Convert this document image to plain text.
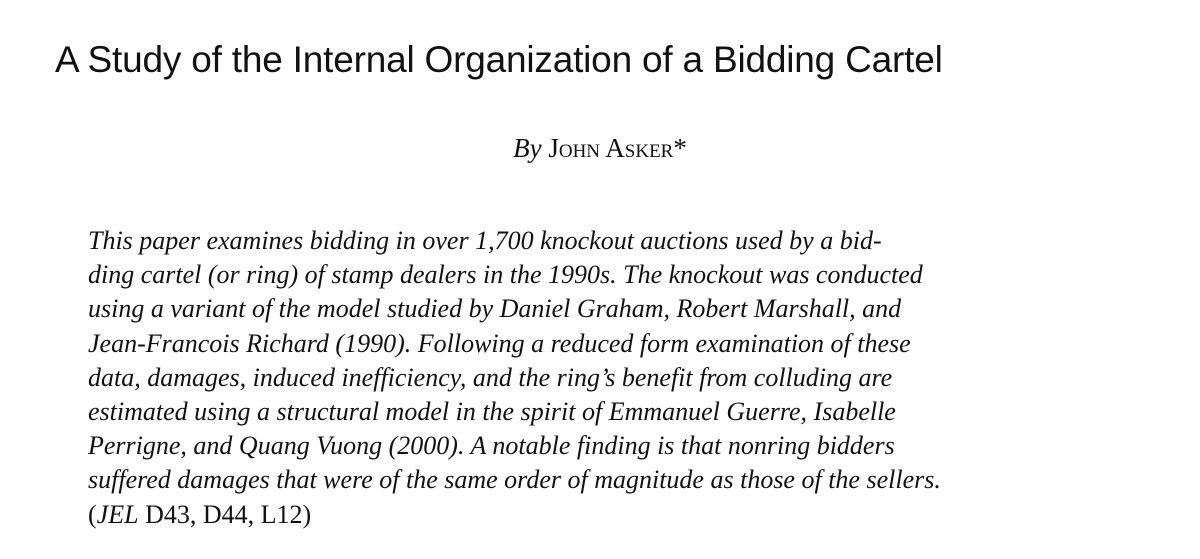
A Study of the Internal Organization of a Bidding Cartel
By John Asker*
This paper examines bidding in over 1,700 knockout auctions used by a bid-
ding cartel (or ring) of stamp dealers in the 1990s. The knockout was conducted
using a variant of the model studied by Daniel Graham, Robert Marshall, and
Jean-Francois Richard (1990). Following a reduced form examination of these
data, damages, induced inefficiency, and the ring’s benefit from colluding are
estimated using a structural model in the spirit of Emmanuel Guerre, Isabelle
Perrigne, and Quang Vuong (2000). A notable finding is that nonring bidders
suffered damages that were of the same order of magnitude as those of the sellers.
(JEL D43, D44, L12)
